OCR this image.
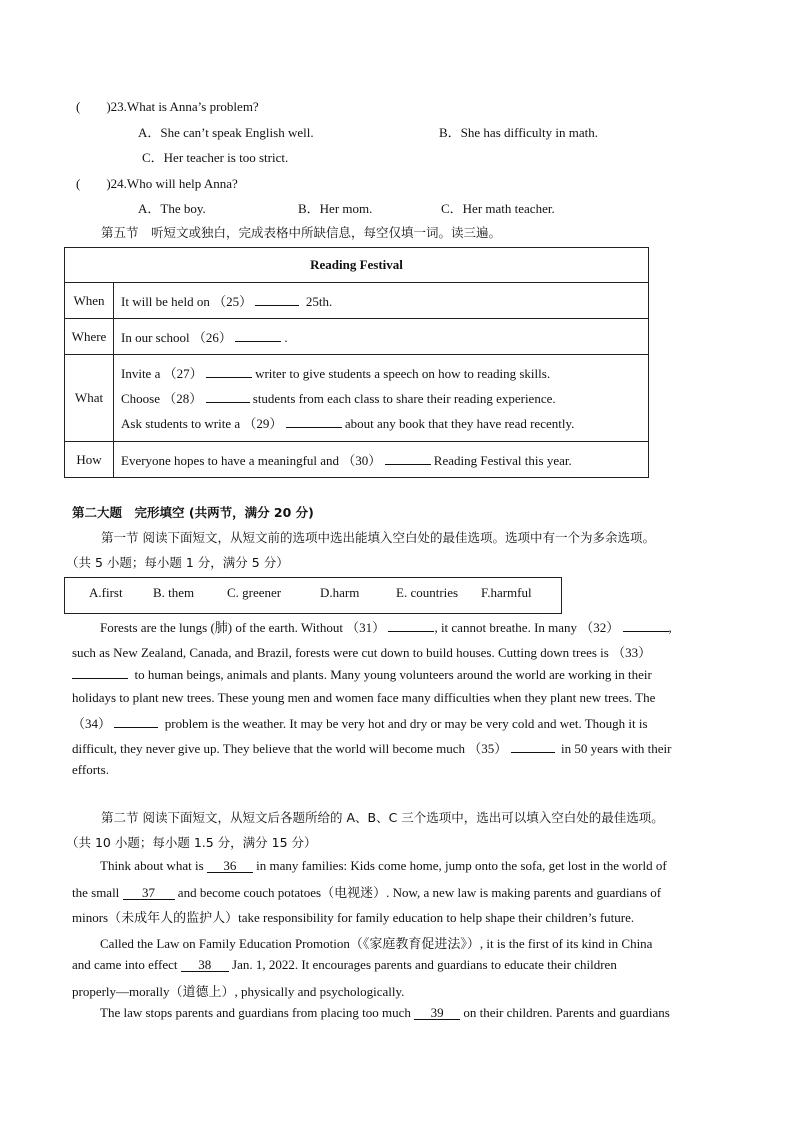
(　　)23.What is Anna’s problem?
A．She can’t speak English well.	B．She has difficulty in math.
C．Her teacher is too strict.
(　　)24.Who will help Anna?
A．The boy.	B．Her mom.	C．Her math teacher.
第五节　听短文或独白，完成表格中所缺信息，每空仅填一词。读三遍。
Reading Festival	
When	It will be held on （25） 25th.
Where	In our school （26） .
What	Invite a （27） writer to give students a speech on how to reading skills.
Choose （28） students from each class to share their reading experience.
Ask students to write a （29） about any book that they have read recently.

How	Everyone hopes to have a meaningful and （30） Reading Festival this year.
第二大题　完形填空 (共两节，满分 20 分)
第一节 阅读下面短文，从短文前的选项中选出能填入空白处的最佳选项。选项中有一个为多余选项。
（共 5 小题；每小题 1 分，满分 5 分）
A.first B. them	C. greener	D.harm	E. countries F.harmful
Forests are the lungs (肺) of the earth. Without （31）	, it cannot breathe. In many （32）	,
such as New Zealand, Canada, and Brazil, forests were cut down to build houses. Cutting down trees is （33）
to human beings, animals and plants. Many young volunteers around the world are working in their
holidays to plant new trees. These young men and women face many difficulties when they plant new trees. The
（34）	problem is the weather. It may be very hot and dry or may be very cold and wet. Though it is
difficult, they never give up. They believe that the world will become much （35）	in 50 years with their
efforts.
第二节 阅读下面短文，从短文后各题所给的 A、B、C 三个选项中，选出可以填入空白处的最佳选项。
（共 10 小题；每小题 1.5 分，满分 15 分）
Think about what is 36 in many families: Kids come home, jump onto the sofa, get lost in the world of
the small 37 and become couch potatoes（电视迷）. Now, a new law is making parents and guardians of
minors（未成年人的监护人）take responsibility for family education to help shape their children’s future.
Called the Law on Family Education Promotion（《家庭教育促进法》）, it is the first of its kind in China
and came into effect 38 Jan. 1, 2022. It encourages parents and guardians to educate their children
properly—morally（道德上）, physically and psychologically.
The law stops parents and guardians from placing too much 39 on their children. Parents and guardians
